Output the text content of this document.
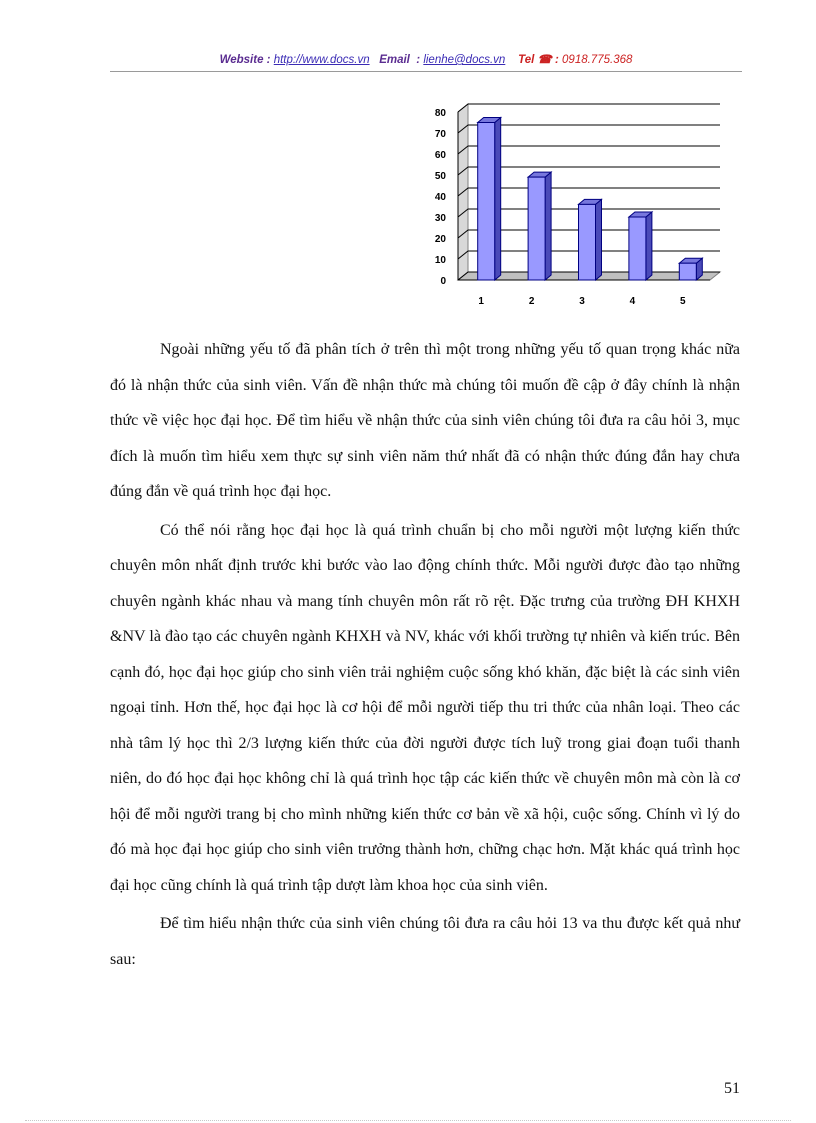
Website : http://www.docs.vn Email : lienhe@docs.vn Tel ☎ : 0918.775.368
0
10
20
30
40
50
60
70
80
1	2	3	4	5

Ngoài những yếu tố đã phân tích ở trên thì một trong những yếu tố quan trọng khác nữa đó là nhận thức của sinh viên. Vấn đề nhận thức mà chúng tôi muốn đề cập ở đây chính là nhận thức về việc học đại học. Để tìm hiểu về nhận thức của sinh viên chúng tôi đưa ra câu hỏi 3, mục đích là muốn tìm hiểu xem thực sự sinh viên năm thứ nhất đã có nhận thức đúng đắn hay chưa đúng đắn về quá trình học đại học.

Có thể nói rằng học đại học là quá trình chuẩn bị cho mỗi người một lượng kiến thức chuyên môn nhất định trước khi bước vào lao động chính thức. Mỗi người được đào tạo những chuyên ngành khác nhau và mang tính chuyên môn rất rõ rệt. Đặc trưng của trường ĐH KHXH &NV là đào tạo các chuyên ngành KHXH và NV, khác với khối trường tự nhiên và kiến trúc. Bên cạnh đó, học đại học giúp cho sinh viên trải nghiệm cuộc sống khó khăn, đặc biệt là các sinh viên ngoại tỉnh. Hơn thế, học đại học là cơ hội để mỗi người tiếp thu tri thức của nhân loại. Theo các nhà tâm lý học thì 2/3 lượng kiến thức của đời người được tích luỹ trong giai đoạn tuổi thanh niên, do đó học đại học không chỉ là quá trình học tập các kiến thức về chuyên môn mà còn là cơ hội để mỗi người trang bị cho mình những kiến thức cơ bản về xã hội, cuộc sống. Chính vì lý do đó mà học đại học giúp cho sinh viên trưởng thành hơn, chững chạc hơn. Mặt khác quá trình học đại học cũng chính là quá trình tập dượt làm khoa học của sinh viên.

Để tìm hiểu nhận thức của sinh viên chúng tôi đưa ra câu hỏi 13 va thu được kết quả như sau:

51
